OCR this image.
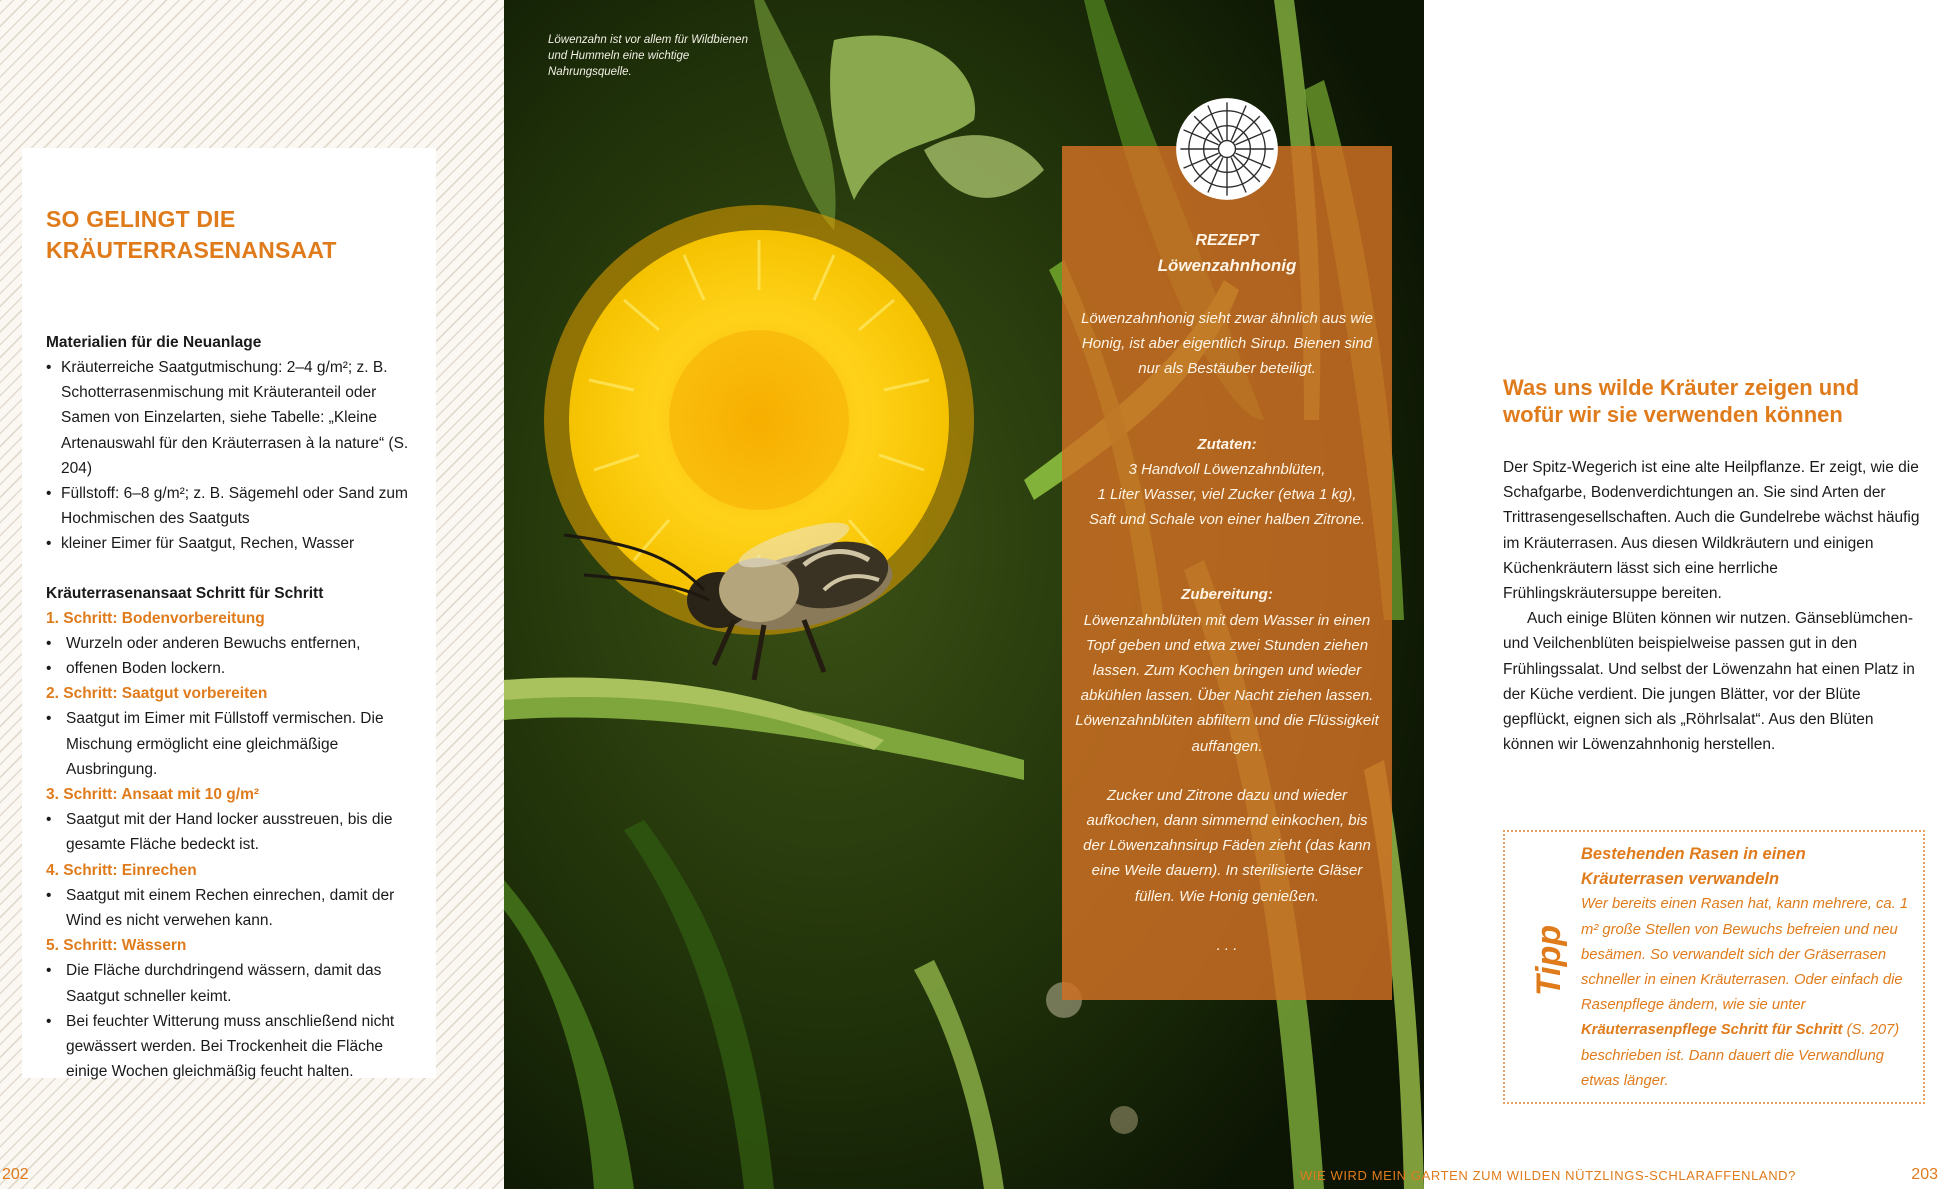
SO GELINGT DIE
KRÄUTERRASENANSAAT
Materialien für die Neuanlage
• Kräuterreiche Saatgutmischung: 2–4 g/m²; z. B. Schotterrasenmischung mit Kräuteranteil oder Samen von Einzelarten, siehe Tabelle: „Kleine Artenauswahl für den Kräuterrasen à la nature“ (S. 204)
• Füllstoff: 6–8 g/m²; z. B. Sägemehl oder Sand zum Hochmischen des Saatguts
• kleiner Eimer für Saatgut, Rechen, Wasser
Kräuterrasenansaat Schritt für Schritt
1. Schritt: Bodenvorbereitung
• Wurzeln oder anderen Bewuchs entfernen,
• offenen Boden lockern.
2. Schritt: Saatgut vorbereiten
• Saatgut im Eimer mit Füllstoff vermischen. Die Mischung ermöglicht eine gleichmäßige Ausbringung.
3. Schritt: Ansaat mit 10 g/m²
• Saatgut mit der Hand locker ausstreuen, bis die gesamte Fläche bedeckt ist.
4. Schritt: Einrechen
• Saatgut mit einem Rechen einrechen, damit der Wind es nicht verwehen kann.
5. Schritt: Wässern
• Die Fläche durchdringend wässern, damit das Saatgut schneller keimt.
• Bei feuchter Witterung muss anschließend nicht gewässert werden. Bei Trockenheit die Fläche einige Wochen gleichmäßig feucht halten.
202
Löwenzahn ist vor allem für Wildbienen und Hummeln eine wichtige Nahrungsquelle.
REZEPT
Löwenzahnhonig
Löwenzahnhonig sieht zwar ähnlich aus wie Honig, ist aber eigentlich Sirup. Bienen sind nur als Bestäuber beteiligt.
Zutaten:
3 Handvoll Löwenzahnblüten,
1 Liter Wasser, viel Zucker (etwa 1 kg),
Saft und Schale von einer halben Zitrone.
Zubereitung:
Löwenzahnblüten mit dem Wasser in einen Topf geben und etwa zwei Stunden ziehen lassen. Zum Kochen bringen und wieder abkühlen lassen. Über Nacht ziehen lassen. Löwenzahnblüten abfiltern und die Flüssigkeit auffangen.
Zucker und Zitrone dazu und wieder aufkochen, dann simmernd einkochen, bis der Löwenzahnsirup Fäden zieht (das kann eine Weile dauern). In sterilisierte Gläser füllen. Wie Honig genießen.
. . .
Was uns wilde Kräuter zeigen und wofür wir sie verwenden können

Der Spitz-Wegerich ist eine alte Heilpflanze. Er zeigt, wie die Schafgarbe, Bodenverdichtungen an. Sie sind Arten der Trittrasengesellschaften. Auch die Gundelrebe wächst häufig im Kräuterrasen. Aus diesen Wildkräutern und einigen Küchenkräutern lässt sich eine herrliche Frühlingskräutersuppe bereiten.

Auch einige Blüten können wir nutzen. Gänseblümchen- und Veilchenblüten beispielweise passen gut in den Frühlingssalat. Und selbst der Löwenzahn hat einen Platz in der Küche verdient. Die jungen Blätter, vor der Blüte gepflückt, eignen sich als „Röhrlsalat“. Aus den Blüten können wir Löwenzahnhonig herstellen.

Tipp
Bestehenden Rasen in einen Kräuterrasen verwandeln
Wer bereits einen Rasen hat, kann mehrere, ca. 1 m² große Stellen von Bewuchs befreien und neu besämen. So verwandelt sich der Gräserrasen schneller in einen Kräuterrasen. Oder einfach die Rasenpflege ändern, wie sie unter Kräuterrasenpflege Schritt für Schritt (S. 207) beschrieben ist. Dann dauert die Verwandlung etwas länger.
WIE WIRD MEIN GARTEN ZUM WILDEN NÜTZLINGS-SCHLARAFFENLAND?	203
